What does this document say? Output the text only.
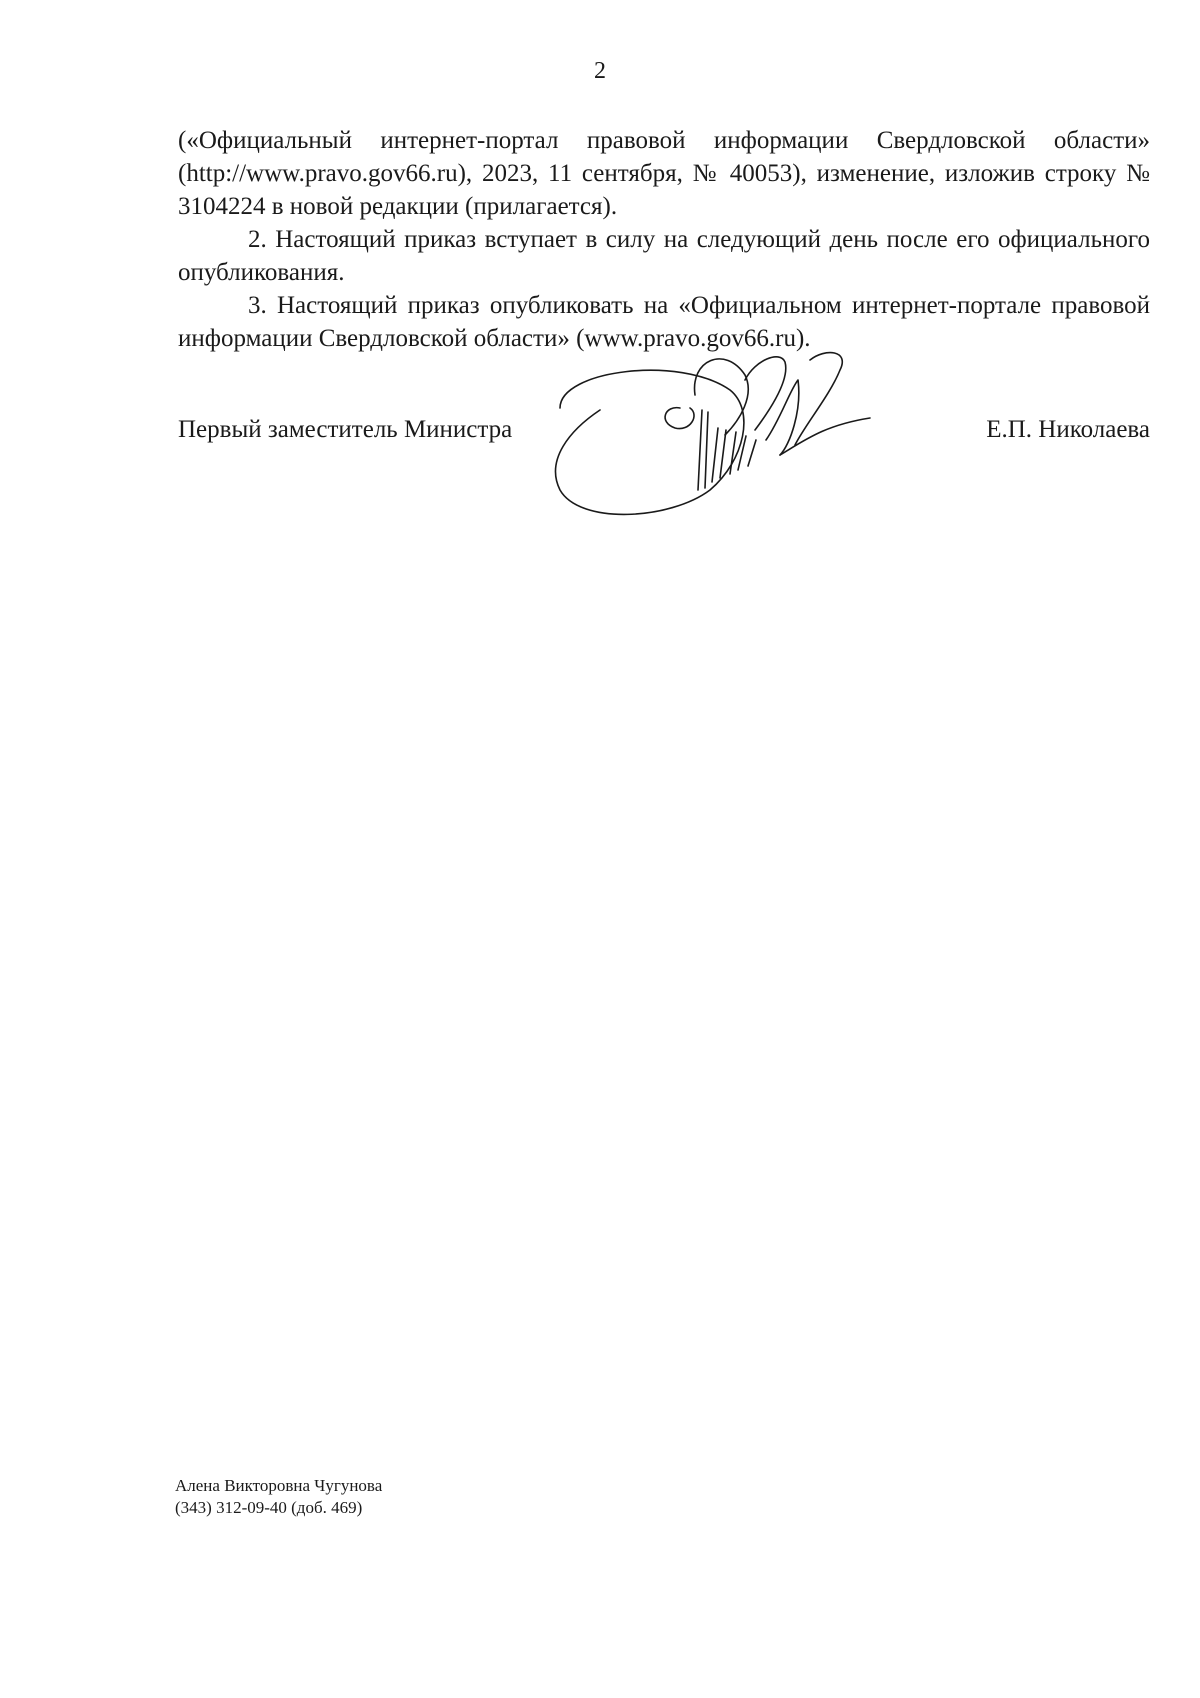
2

(«Официальный интернет-портал правовой информации Свердловской области» (http://www.pravo.gov66.ru), 2023, 11 сентября, № 40053), изменение, изложив строку № 3104224 в новой редакции (прилагается).

2. Настоящий приказ вступает в силу на следующий день после его официального опубликования.

3. Настоящий приказ опубликовать на «Официальном интернет-портале правовой информации Свердловской области» (www.pravo.gov66.ru).

Первый заместитель Министра	Е.П. Николаева
Алена Викторовна Чугунова
(343) 312-09-40 (доб. 469)
